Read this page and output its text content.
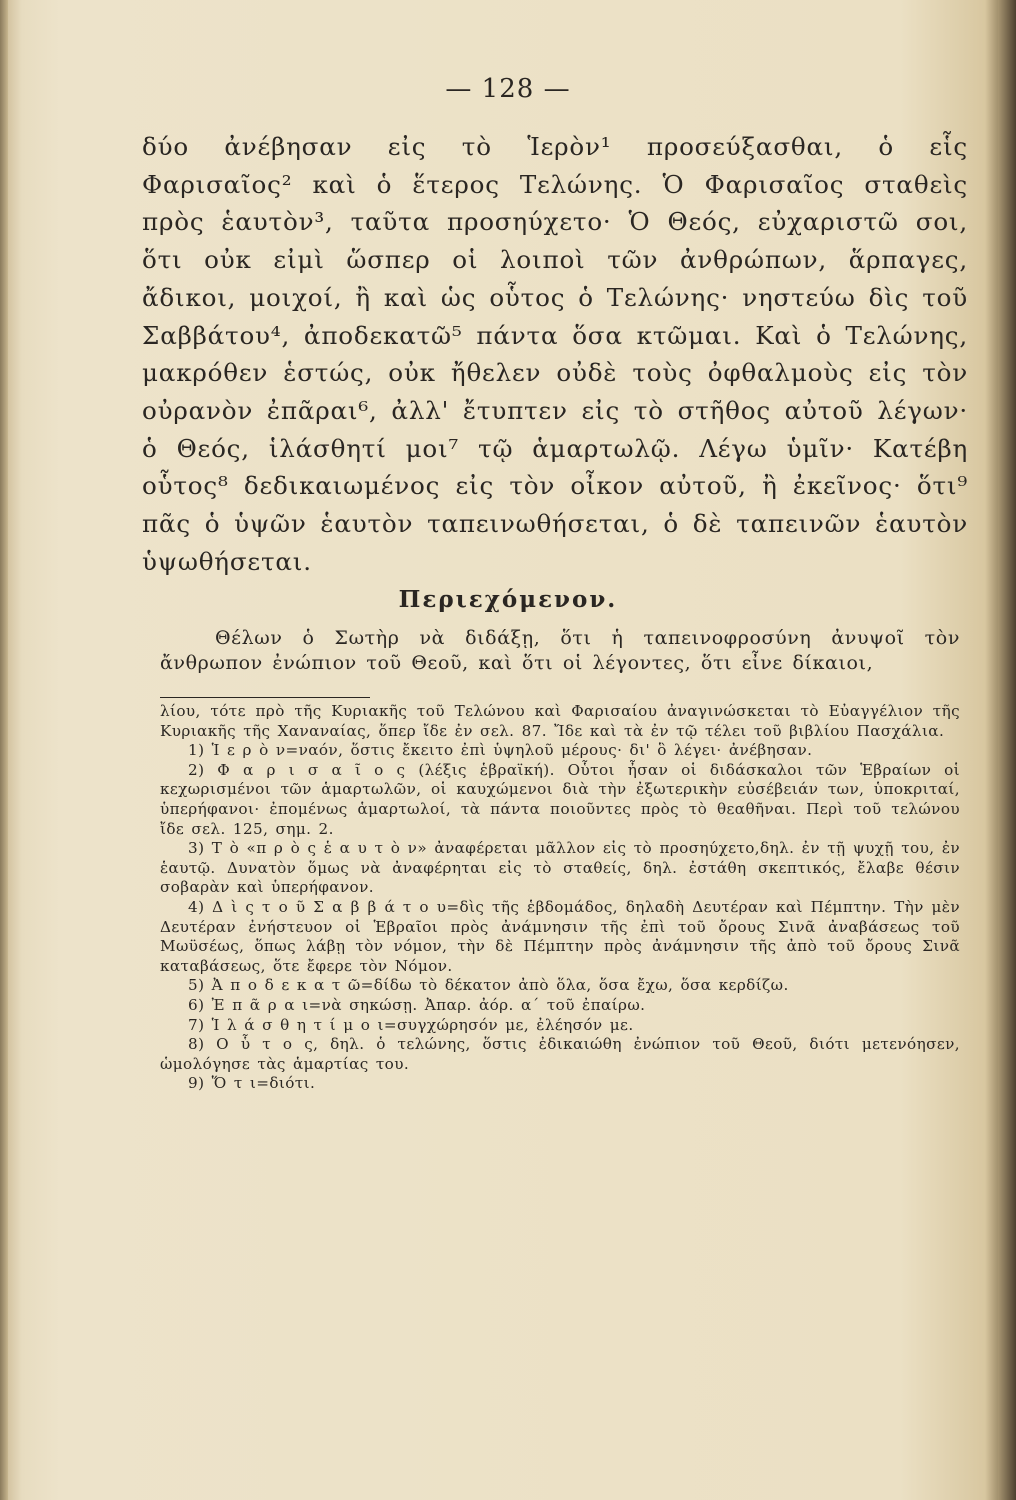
— 128 —

δύο ἀνέβησαν εἰς τὸ Ἱερὸν¹ προσεύξασθαι, ὁ εἷς Φαρισαῖος² καὶ ὁ ἕτερος Τελώνης. Ὁ Φαρισαῖος σταθεὶς πρὸς ἑαυτὸν³, ταῦτα προσηύχετο· Ὁ Θεός, εὐχαριστῶ σοι, ὅτι οὐκ εἰμὶ ὥσπερ οἱ λοιποὶ τῶν ἀνθρώπων, ἅρπαγες, ἄδικοι, μοιχοί, ἢ καὶ ὡς οὗτος ὁ Τελώνης· νηστεύω δὶς τοῦ Σαββάτου⁴, ἀποδεκατῶ⁵ πάντα ὅσα κτῶμαι. Καὶ ὁ Τελώνης, μακρόθεν ἑστώς, οὐκ ἤθελεν οὐδὲ τοὺς ὀφθαλμοὺς εἰς τὸν οὐρανὸν ἐπᾶραι⁶, ἀλλ' ἔτυπτεν εἰς τὸ στῆθος αὐτοῦ λέγων· ὁ Θεός, ἱλάσθητί μοι⁷ τῷ ἁμαρτωλῷ. Λέγω ὑμῖν· Κατέβη οὗτος⁸ δεδικαιωμένος εἰς τὸν οἶκον αὐτοῦ, ἢ ἐκεῖνος· ὅτι⁹ πᾶς ὁ ὑψῶν ἑαυτὸν ταπεινωθήσεται, ὁ δὲ ταπεινῶν ἑαυτὸν ὑψωθήσεται.

Περιεχόμενον.
Θέλων ὁ Σωτὴρ νὰ διδάξῃ, ὅτι ἡ ταπεινοφροσύνη ἀνυψοῖ τὸν ἄνθρωπον ἐνώπιον τοῦ Θεοῦ, καὶ ὅτι οἱ λέγοντες, ὅτι εἶνε δίκαιοι,

λίου, τότε πρὸ τῆς Κυριακῆς τοῦ Τελώνου καὶ Φαρισαίου ἀναγινώσκεται τὸ Εὐαγγέλιον τῆς Κυριακῆς τῆς Χαναναίας, ὅπερ ἴδε ἐν σελ. 87. Ἴδε καὶ τὰ ἐν τῷ τέλει τοῦ βιβλίου Πασχάλια.

1) Ἱ ε ρ ὸ ν=ναόν, ὅστις ἔκειτο ἐπὶ ὑψηλοῦ μέρους· δι' ὃ λέγει· ἀνέβησαν.

2) Φ α ρ ι σ α ῖ ο ς (λέξις ἑβραϊκή). Οὗτοι ἦσαν οἱ διδάσκαλοι τῶν Ἑβραίων οἱ κεχωρισμένοι τῶν ἁμαρτωλῶν, οἱ καυχώμενοι διὰ τὴν ἐξωτερικὴν εὐσέβειάν των, ὑποκριταί, ὑπερήφανοι· ἐπομένως ἁμαρτωλοί, τὰ πάντα ποιοῦντες πρὸς τὸ θεαθῆναι. Περὶ τοῦ τελώνου ἴδε σελ. 125, σημ. 2.

3) Τ ὸ «π ρ ὸ ς ἑ α υ τ ὸ ν» ἀναφέρεται μᾶλλον εἰς τὸ προσηύχετο,δηλ. ἐν τῇ ψυχῇ του, ἐν ἑαυτῷ. Δυνατὸν ὅμως νὰ ἀναφέρηται εἰς τὸ σταθείς, δηλ. ἐστάθη σκεπτικός, ἔλαβε θέσιν σοβαρὰν καὶ ὑπερήφανον.

4) Δ ὶ ς τ ο ῦ Σ α β β ά τ ο υ=δὶς τῆς ἑβδομάδος, δηλαδὴ Δευτέραν καὶ Πέμπτην. Τὴν μὲν Δευτέραν ἐνήστευον οἱ Ἑβραῖοι πρὸς ἀνάμνησιν τῆς ἐπὶ τοῦ ὄρους Σινᾶ ἀναβάσεως τοῦ Μωϋσέως, ὅπως λάβῃ τὸν νόμον, τὴν δὲ Πέμπτην πρὸς ἀνάμνησιν τῆς ἀπὸ τοῦ ὄρους Σινᾶ καταβάσεως, ὅτε ἔφερε τὸν Νόμον.

5) Ἀ π ο δ ε κ α τ ῶ=δίδω τὸ δέκατον ἀπὸ ὅλα, ὅσα ἔχω, ὅσα κερδίζω.

6) Ἐ π ᾶ ρ α ι=νὰ σηκώσῃ. Ἀπαρ. ἀόρ. α΄ τοῦ ἐπαίρω.

7) Ἱ λ ά σ θ η τ ί μ ο ι=συγχώρησόν με, ἐλέησόν με.

8) Ο ὗ τ ο ς, δηλ. ὁ τελώνης, ὅστις ἐδικαιώθη ἐνώπιον τοῦ Θεοῦ, διότι μετενόησεν, ὡμολόγησε τὰς ἁμαρτίας του.

9) Ὅ τ ι=διότι.
